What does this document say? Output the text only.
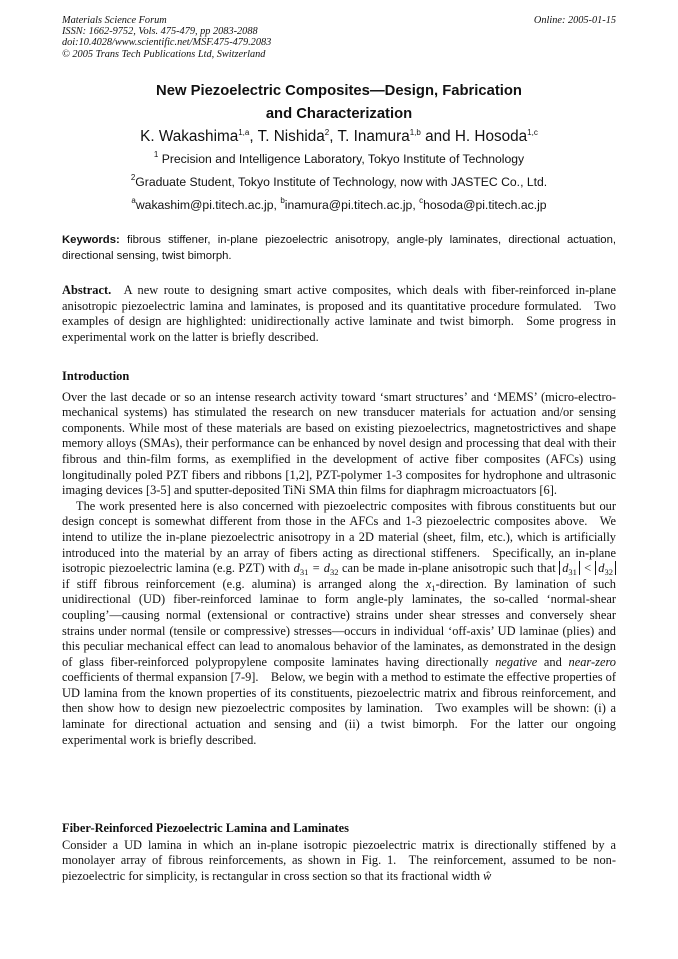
Materials Science Forum
ISSN: 1662-9752, Vols. 475-479, pp 2083-2088
doi:10.4028/www.scientific.net/MSF.475-479.2083
© 2005 Trans Tech Publications Ltd, Switzerland
Online: 2005-01-15
New Piezoelectric Composites—Design, Fabrication
and Characterization
K. Wakashima$^{1,a}$, T. Nishida$^2$, T. Inamura$^{1,b}$ and H. Hosoda$^{1,c}$
$^1$ Precision and Intelligence Laboratory, Tokyo Institute of Technology
$^2$Graduate Student, Tokyo Institute of Technology, now with JASTEC Co., Ltd.
$^a$wakashim@pi.titech.ac.jp, $^b$inamura@pi.titech.ac.jp, $^c$hosoda@pi.titech.ac.jp
Keywords: fibrous stiffener, in-plane piezoelectric anisotropy, angle-ply laminates, directional actuation, directional sensing, twist bimorph.
Abstract. A new route to designing smart active composites, which deals with fiber-reinforced in-plane anisotropic piezoelectric lamina and laminates, is proposed and its quantitative procedure formulated. Two examples of design are highlighted: unidirectionally active laminate and twist bimorph. Some progress in experimental work on the latter is briefly described.
Introduction

Over the last decade or so an intense research activity toward ‘smart structures’ and ‘MEMS’ (micro-electro-mechanical systems) has stimulated the research on new transducer materials for actuation and/or sensing components. While most of these materials are based on existing piezoelectrics, magnetostrictives and shape memory alloys (SMAs), their performance can be enhanced by novel design and processing that deal with their fibrous and thin-film forms, as exemplified in the development of active fiber composites (AFCs) using longitudinally poled PZT fibers and ribbons [1,2], PZT-polymer 1-3 composites for hydrophone and ultrasonic imaging devices [3-5] and sputter-deposited TiNi SMA thin films for diaphragm microactuators [6].

The work presented here is also concerned with piezoelectric composites with fibrous constituents but our design concept is somewhat different from those in the AFCs and 1-3 piezoelectric composites above. We intend to utilize the in-plane piezoelectric anisotropy in a 2D material (sheet, film, etc.), which is artificially introduced into the material by an array of fibers acting as directional stiffeners. Specifically, an in-plane isotropic piezoelectric lamina (e.g. PZT) with $d_{31} = d_{32}$ can be made in-plane anisotropic such that $d_{31} < d_{32}$ if stiff fibrous reinforcement (e.g. alumina) is arranged along the $x_1$-direction. By lamination of such unidirectional (UD) fiber-reinforced laminae to form angle-ply laminates, the so-called ‘normal-shear coupling’—causing normal (extensional or contractive) strains under shear stresses and conversely shear strains under normal (tensile or compressive) stresses—occurs in individual ‘off-axis’ UD laminae (plies) and this peculiar mechanical effect can lead to anomalous behavior of the laminates, as demonstrated in the design of glass fiber-reinforced polypropylene composite laminates having directionally negative and near-zero coefficients of thermal expansion [7-9]. Below, we begin with a method to estimate the effective properties of UD lamina from the known properties of its constituents, piezoelectric matrix and fibrous reinforcement, and then show how to design new piezoelectric composites by lamination. Two examples will be shown: (i) a laminate for directional actuation and sensing and (ii) a twist bimorph. For the latter our ongoing experimental work is briefly described.

Fiber-Reinforced Piezoelectric Lamina and Laminates

Consider a UD lamina in which an in-plane isotropic piezoelectric matrix is directionally stiffened by a monolayer array of fibrous reinforcements, as shown in Fig. 1. The reinforcement, assumed to be non-piezoelectric for simplicity, is rectangular in cross section so that its fractional width ŵ
